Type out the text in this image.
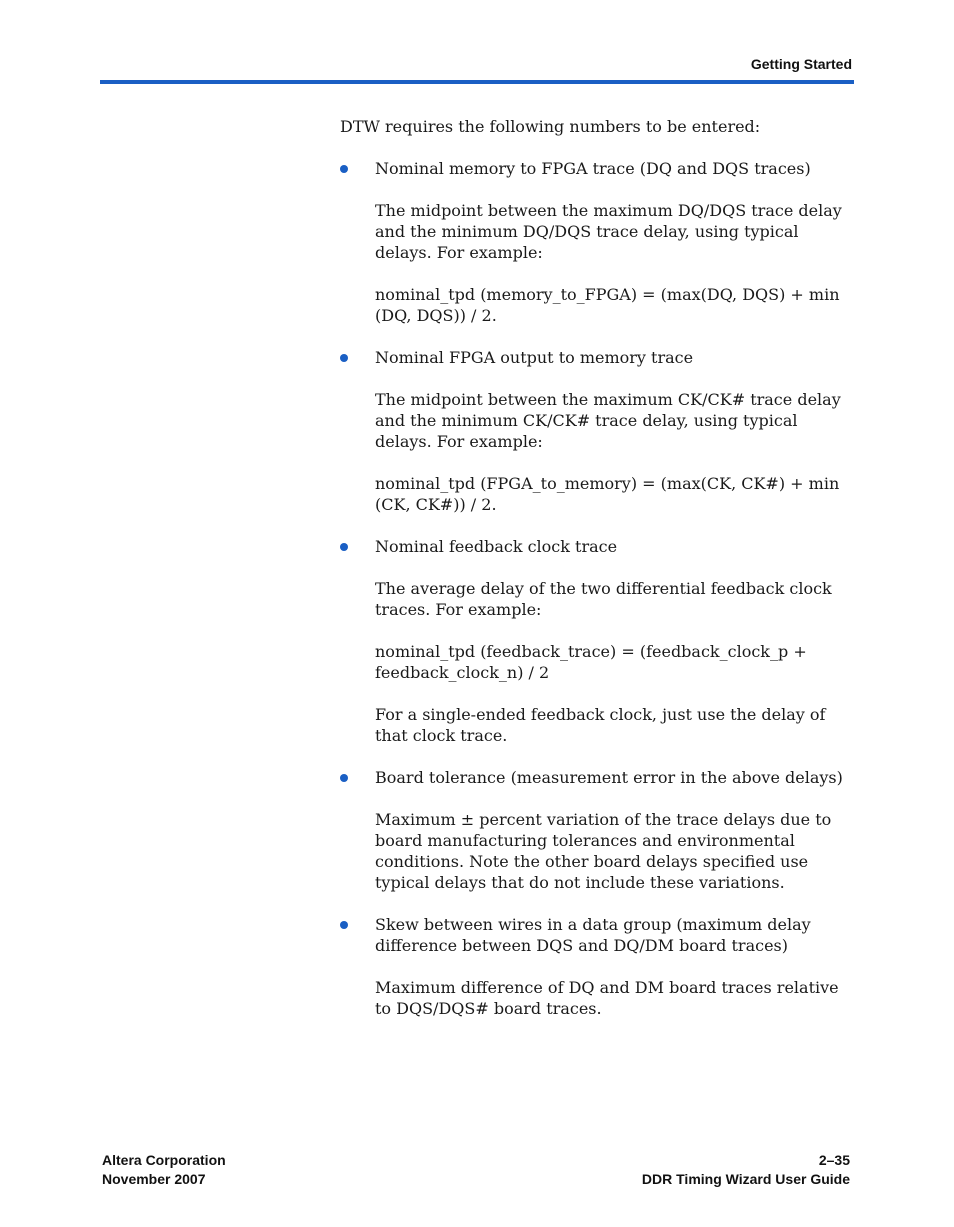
Getting Started

DTW requires the following numbers to be entered:

Nominal memory to FPGA trace (DQ and DQS traces)

The midpoint between the maximum DQ/DQS trace delay and the minimum DQ/DQS trace delay, using typical delays. For example:

nominal_tpd (memory_to_FPGA) = (max(DQ, DQS) + min (DQ, DQS)) / 2.

Nominal FPGA output to memory trace

The midpoint between the maximum CK/CK# trace delay and the minimum CK/CK# trace delay, using typical delays. For example:

nominal_tpd (FPGA_to_memory) = (max(CK, CK#) + min (CK, CK#)) / 2.

Nominal feedback clock trace

The average delay of the two differential feedback clock traces. For example:

nominal_tpd (feedback_trace) = (feedback_clock_p + feedback_clock_n) / 2

For a single-ended feedback clock, just use the delay of that clock trace.

Board tolerance (measurement error in the above delays)

Maximum ± percent variation of the trace delays due to board manufacturing tolerances and environmental conditions. Note the other board delays specified use typical delays that do not include these variations.

Skew between wires in a data group (maximum delay difference between DQS and DQ/DM board traces)

Maximum difference of DQ and DM board traces relative to DQS/DQS# board traces.

Altera Corporation
November 2007
2–35
DDR Timing Wizard User Guide
